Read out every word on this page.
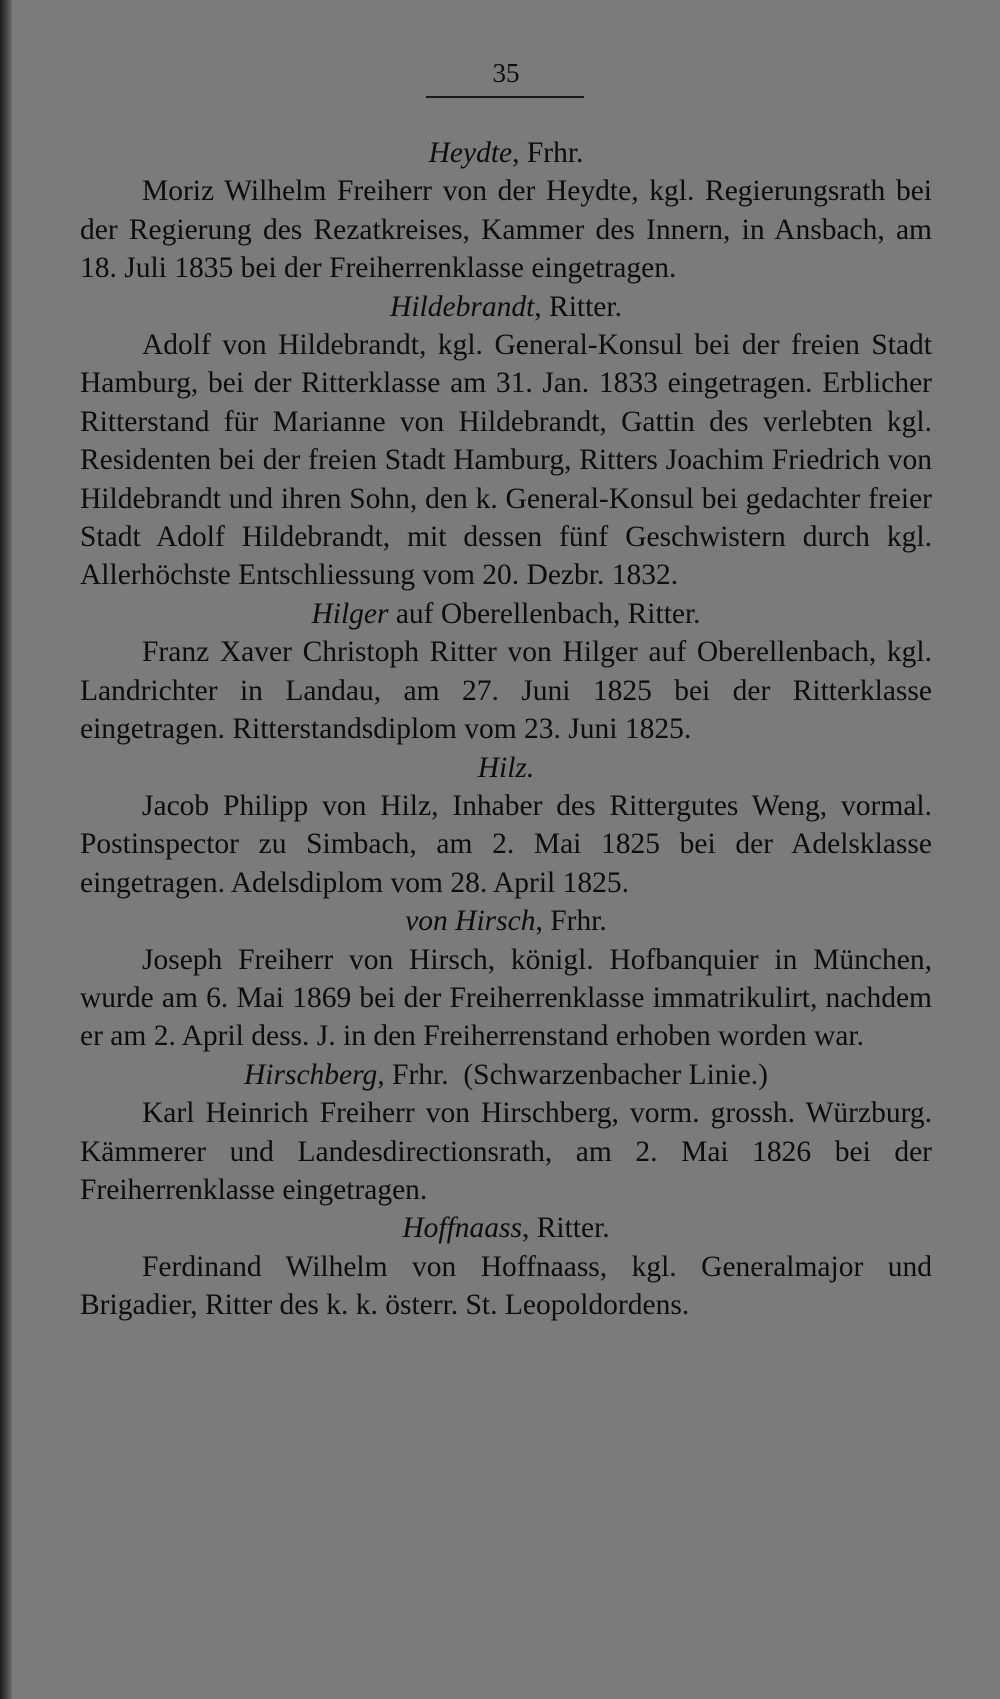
35

Heydte, Frhr.

Moriz Wilhelm Freiherr von der Heydte, kgl. Regierungsrath bei der Regierung des Rezatkreises, Kammer des Innern, in Ansbach, am 18. Juli 1835 bei der Freiherrenklasse eingetragen.

Hildebrandt, Ritter.

Adolf von Hildebrandt, kgl. General-Konsul bei der freien Stadt Hamburg, bei der Ritterklasse am 31. Jan. 1833 eingetragen. Erblicher Ritterstand für Marianne von Hildebrandt, Gattin des verlebten kgl. Residenten bei der freien Stadt Hamburg, Ritters Joachim Friedrich von Hildebrandt und ihren Sohn, den k. General-Konsul bei gedachter freier Stadt Adolf Hildebrandt, mit dessen fünf Geschwistern durch kgl. Allerhöchste Entschliessung vom 20. Dezbr. 1832.

Hilger auf Oberellenbach, Ritter.

Franz Xaver Christoph Ritter von Hilger auf Oberellenbach, kgl. Landrichter in Landau, am 27. Juni 1825 bei der Ritterklasse eingetragen. Ritterstandsdiplom vom 23. Juni 1825.

Hilz.

Jacob Philipp von Hilz, Inhaber des Rittergutes Weng, vormal. Postinspector zu Simbach, am 2. Mai 1825 bei der Adelsklasse eingetragen. Adelsdiplom vom 28. April 1825.

von Hirsch, Frhr.

Joseph Freiherr von Hirsch, königl. Hofbanquier in München, wurde am 6. Mai 1869 bei der Freiherrenklasse immatrikulirt, nachdem er am 2. April dess. J. in den Freiherrenstand erhoben worden war.

Hirschberg, Frhr.  (Schwarzenbacher Linie.)

Karl Heinrich Freiherr von Hirschberg, vorm. grossh. Würzburg. Kämmerer und Landesdirectionsrath, am 2. Mai 1826 bei der Freiherrenklasse eingetragen.

Hoffnaass, Ritter.

Ferdinand Wilhelm von Hoffnaass, kgl. Generalmajor und Brigadier, Ritter des k. k. österr. St. Leopoldordens.
